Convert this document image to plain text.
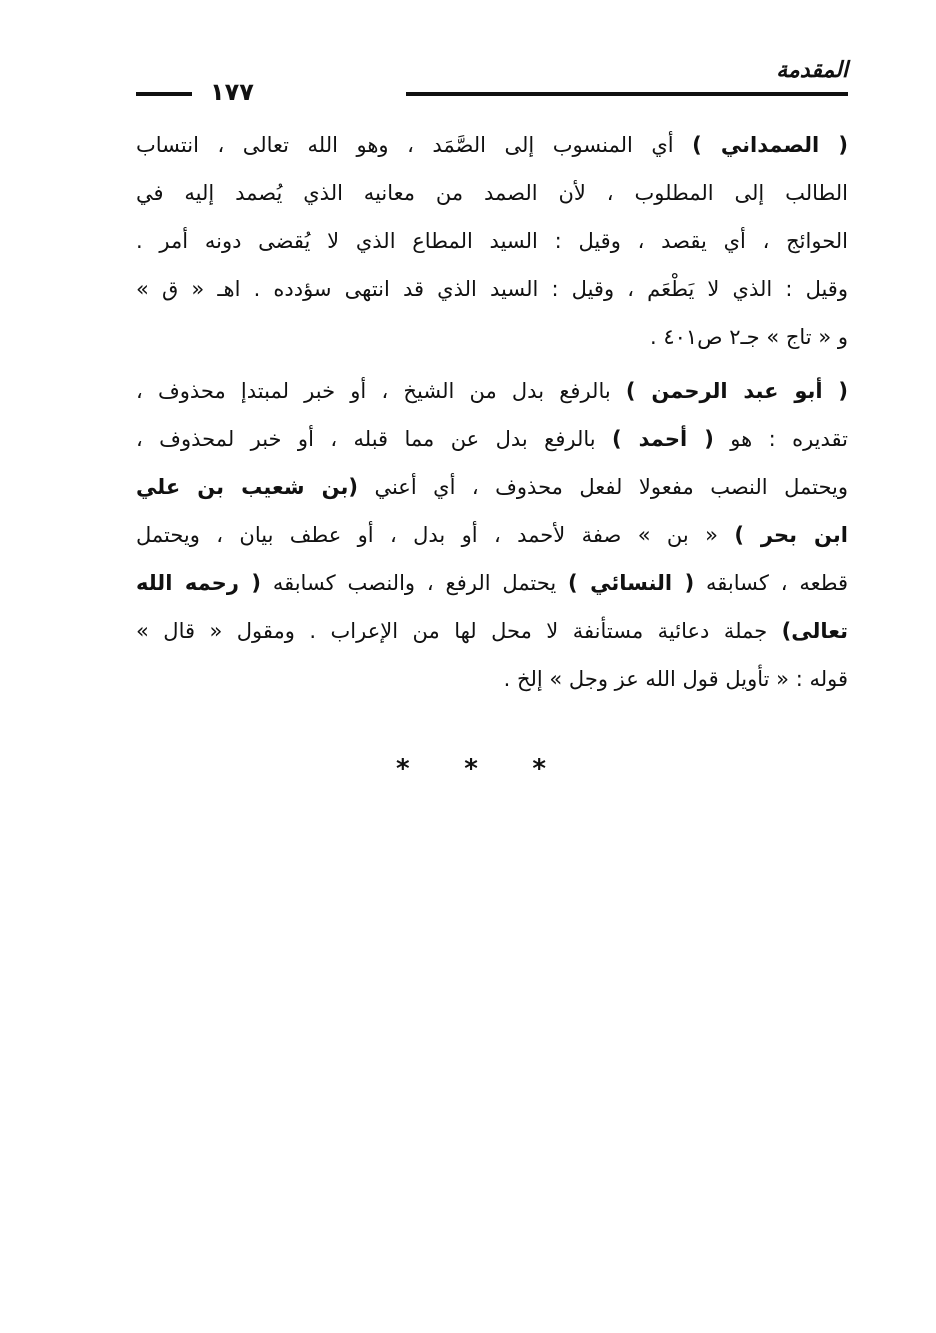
المقدمة
١٧٧
( الصمداني ) أي المنسوب إلى الصَّمَد ، وهو الله تعالى ، انتساب
الطالب إلى المطلوب ، لأن الصمد من معانيه الذي يُصمد إليه في
الحوائج ، أي يقصد ، وقيل : السيد المطاع الذي لا يُقضى دونه أمر .
وقيل : الذي لا يَطْعَم ، وقيل : السيد الذي قد انتهى سؤدده . اهـ « ق »
و « تاج » جـ٢ ص٤٠١ .
( أبو عبد الرحمن ) بالرفع بدل من الشيخ ، أو خبر لمبتدإ محذوف ،
تقديره : هو ( أحمد ) بالرفع بدل عن مما قبله ، أو خبر لمحذوف ،
ويحتمل النصب مفعولا لفعل محذوف ، أي أعني (بن شعيب بن علي
ابن بحر ) « بن » صفة لأحمد ، أو بدل ، أو عطف بيان ، ويحتمل
قطعه ، كسابقه ( النسائي ) يحتمل الرفع ، والنصب كسابقه ( رحمه الله
تعالى) جملة دعائية مستأنفة لا محل لها من الإعراب . ومقول « قال »
قوله : « تأويل قول الله عز وجل » إلخ .
* * *
